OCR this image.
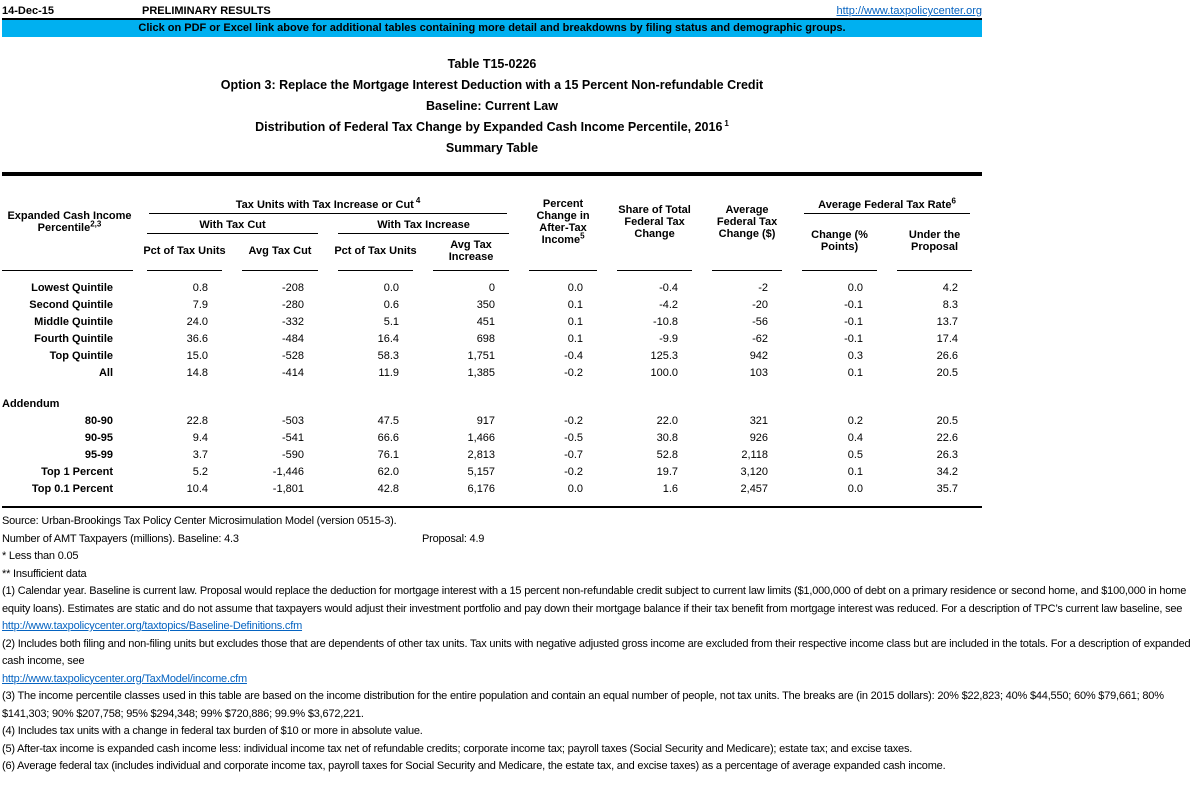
14-Dec-15	PRELIMINARY RESULTS	http://www.taxpolicycenter.org
Click on PDF or Excel link above for additional tables containing more detail and breakdowns by filing status and demographic groups.
Table T15-0226
Option 3: Replace the Mortgage Interest Deduction with a 15 Percent Non-refundable Credit
Baseline: Current Law
Distribution of Federal Tax Change by Expanded Cash Income Percentile, 2016 $^1$
Summary Table
Expanded Cash Income Percentile$^{2,3}$	Tax Units with Tax Increase or Cut $^4$				Percent Change in After-Tax Income$^5$	Share of Total Federal Tax Change	Average Federal Tax Change ($)	Average Federal Tax Rate$^6$

	With Tax Cut		With Tax Increase					Change (% Points)	Under the Proposal
	Pct of Tax Units	Avg Tax Cut	Pct of Tax Units	Avg Tax Increase					

Lowest Quintile	0.8	-208	0.0	0	0.0	-0.4	-2	0.0	4.2
Second Quintile	7.9	-280	0.6	350	0.1	-4.2	-20	-0.1	8.3
Middle Quintile	24.0	-332	5.1	451	0.1	-10.8	-56	-0.1	13.7
Fourth Quintile	36.6	-484	16.4	698	0.1	-9.9	-62	-0.1	17.4
Top Quintile	15.0	-528	58.3	1,751	-0.4	125.3	942	0.3	26.6
All	14.8	-414	11.9	1,385	-0.2	100.0	103	0.1	20.5

Addendum									
80-90	22.8	-503	47.5	917	-0.2	22.0	321	0.2	20.5
90-95	9.4	-541	66.6	1,466	-0.5	30.8	926	0.4	22.6
95-99	3.7	-590	76.1	2,813	-0.7	52.8	2,118	0.5	26.3
Top 1 Percent	5.2	-1,446	62.0	5,157	-0.2	19.7	3,120	0.1	34.2
Top 0.1 Percent	10.4	-1,801	42.8	6,176	0.0	1.6	2,457	0.0	35.7

Source: Urban-Brookings Tax Policy Center Microsimulation Model (version 0515-3).
Number of AMT Taxpayers (millions). Baseline: 4.3	Proposal: 4.9
* Less than 0.05
** Insufficient data
(1) Calendar year. Baseline is current law. Proposal would replace the deduction for mortgage interest with a 15 percent non-refundable credit subject to current law limits ($1,000,000 of debt on a primary residence or second home, and $100,000 in home equity loans). Estimates are static and do not assume that taxpayers would adjust their investment portfolio and pay down their mortgage balance if their tax benefit from mortgage interest was reduced. For a description of TPC’s current law baseline, see
http://www.taxpolicycenter.org/taxtopics/Baseline-Definitions.cfm
(2) Includes both filing and non-filing units but excludes those that are dependents of other tax units. Tax units with negative adjusted gross income are excluded from their respective income class but are included in the totals. For a description of expanded cash income, see
http://www.taxpolicycenter.org/TaxModel/income.cfm
(3) The income percentile classes used in this table are based on the income distribution for the entire population and contain an equal number of people, not tax units. The breaks are (in 2015 dollars): 20% $22,823; 40% $44,550; 60% $79,661; 80% $141,303; 90% $207,758; 95% $294,348; 99% $720,886; 99.9% $3,672,221.
(4) Includes tax units with a change in federal tax burden of $10 or more in absolute value.
(5) After-tax income is expanded cash income less: individual income tax net of refundable credits; corporate income tax; payroll taxes (Social Security and Medicare); estate tax; and excise taxes.
(6) Average federal tax (includes individual and corporate income tax, payroll taxes for Social Security and Medicare, the estate tax, and excise taxes) as a percentage of average expanded cash income.
